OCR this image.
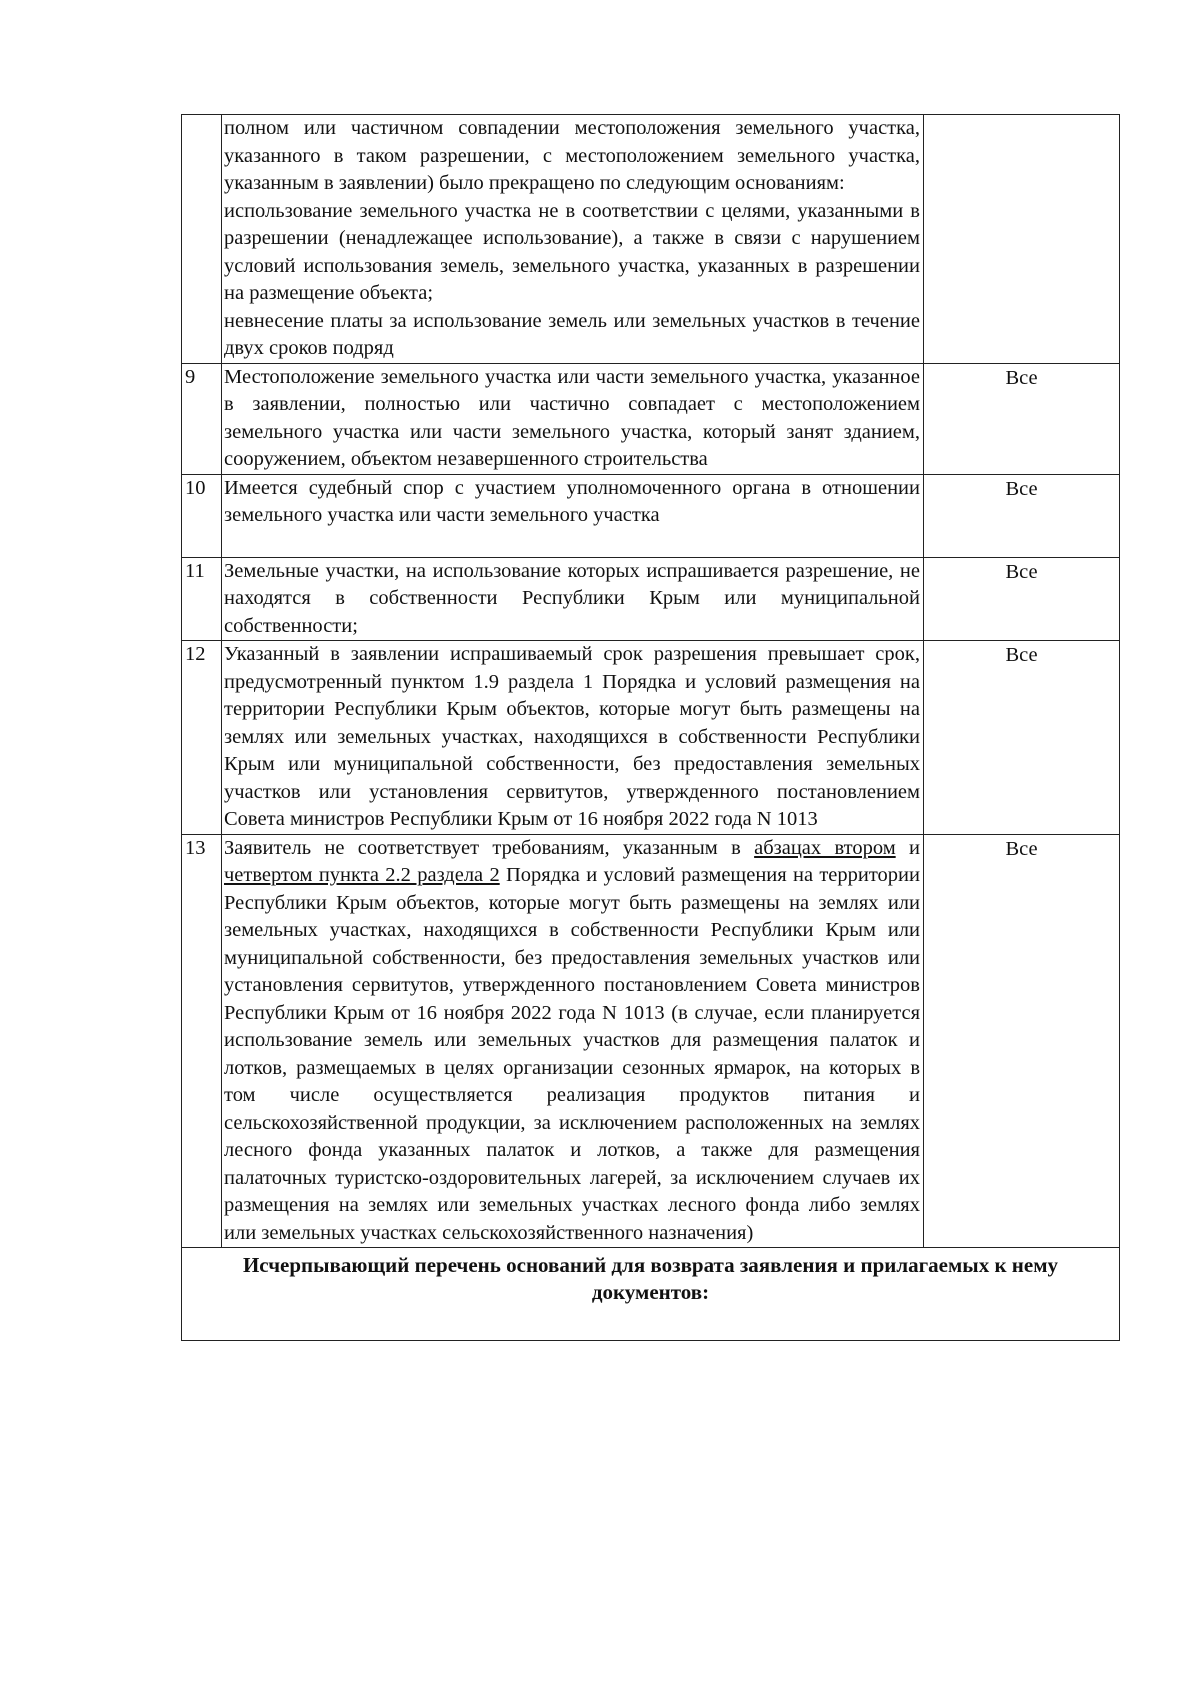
	полном или частичном совпадении местоположения земельного участка, указанного в таком разрешении, с местоположением земельного участка, указанным в заявлении) было прекращено по следующим основаниям:
использование земельного участка не в соответствии с целями, указанными в разрешении (ненадлежащее использование), а также в связи с нарушением условий использования земель, земельного участка, указанных в разрешении на размещение объекта;
невнесение платы за использование земель или земельных участков в течение двух сроков подряд	

9	Местоположение земельного участка или части земельного участка, указанное в заявлении, полностью или частично совпадает с местоположением земельного участка или части земельного участка, который занят зданием, сооружением, объектом незавершенного строительства	Все
10	Имеется судебный спор с участием уполномоченного органа в отношении земельного участка или части земельного участка	Все
11	Земельные участки, на использование которых испрашивается разрешение, не находятся в собственности Республики Крым или муниципальной собственности;	Все
12	Указанный в заявлении испрашиваемый срок разрешения превышает срок, предусмотренный пунктом 1.9 раздела 1 Порядка и условий размещения на территории Республики Крым объектов, которые могут быть размещены на землях или земельных участках, находящихся в собственности Республики Крым или муниципальной собственности, без предоставления земельных участков или установления сервитутов, утвержденного постановлением Совета министров Республики Крым от 16 ноября 2022 года N 1013	Все
13	Заявитель не соответствует требованиям, указанным в абзацах втором и четвертом пункта 2.2 раздела 2 Порядка и условий размещения на территории Республики Крым объектов, которые могут быть размещены на землях или земельных участках, находящихся в собственности Республики Крым или муниципальной собственности, без предоставления земельных участков или установления сервитутов, утвержденного постановлением Совета министров Республики Крым от 16 ноября 2022 года N 1013 (в случае, если планируется использование земель или земельных участков для размещения палаток и лотков, размещаемых в целях организации сезонных ярмарок, на которых в том числе осуществляется реализация продуктов питания и сельскохозяйственной продукции, за исключением расположенных на землях лесного фонда указанных палаток и лотков, а также для размещения палаточных туристско-оздоровительных лагерей, за исключением случаев их размещения на землях или земельных участках лесного фонда либо землях или земельных участках сельскохозяйственного назначения)	Все
Исчерпывающий перечень оснований для возврата заявления и прилагаемых к нему документов:		
